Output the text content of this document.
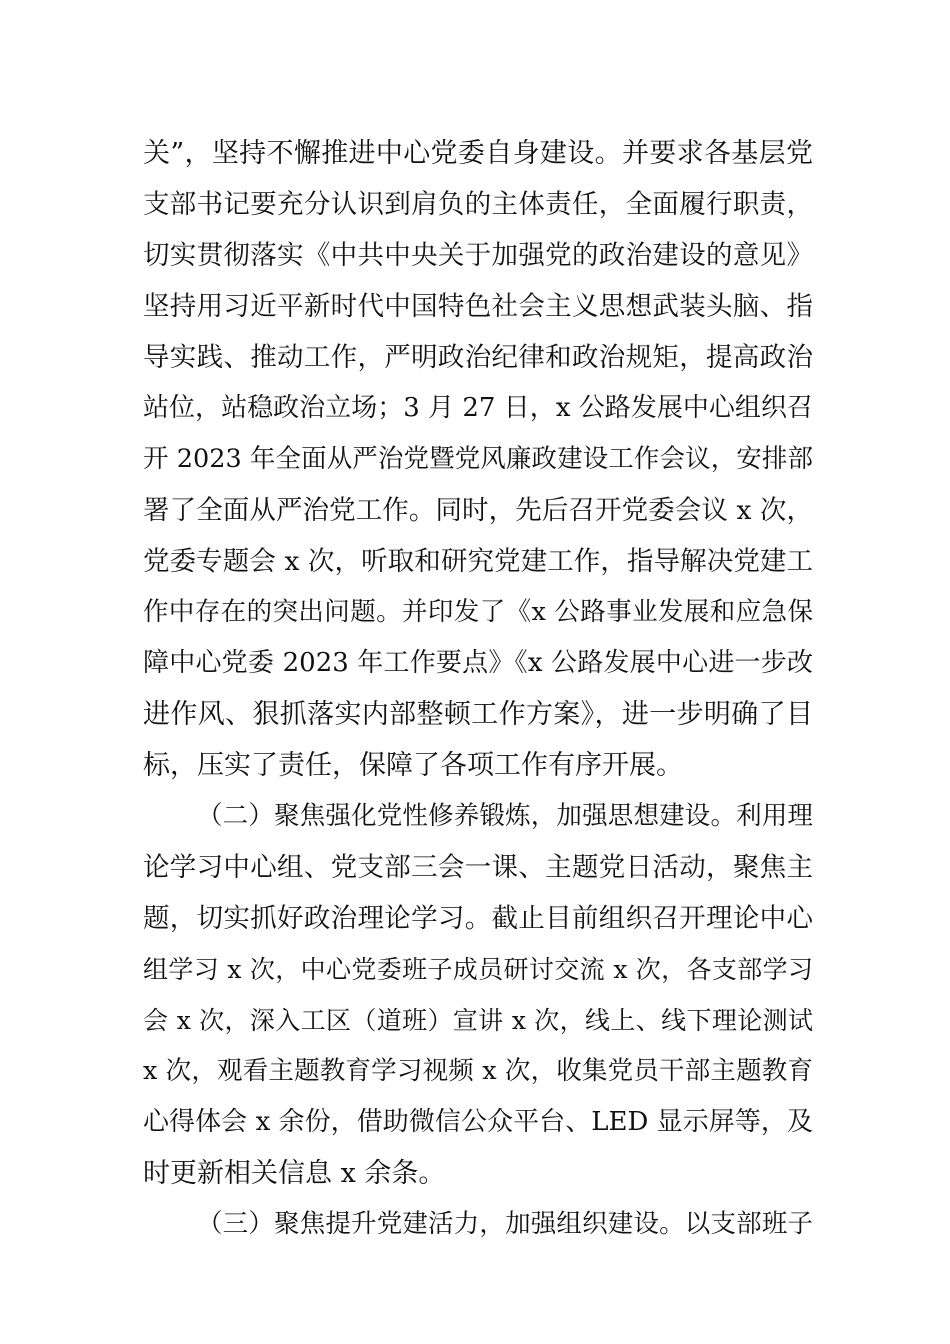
关”，坚持不懈推进中心党委自身建设。并要求各基层党
支部书记要充分认识到肩负的主体责任，全面履行职责，
切实贯彻落实《中共中央关于加强党的政治建设的意见》
坚持用习近平新时代中国特色社会主义思想武装头脑、指
导实践、推动工作，严明政治纪律和政治规矩，提高政治
站位，站稳政治立场；3 月 27 日，x 公路发展中心组织召
开 2023 年全面从严治党暨党风廉政建设工作会议，安排部
署了全面从严治党工作。同时，先后召开党委会议 x 次，
党委专题会 x 次，听取和研究党建工作，指导解决党建工
作中存在的突出问题。并印发了《x 公路事业发展和应急保
障中心党委 2023 年工作要点》《x 公路发展中心进一步改
进作风、狠抓落实内部整顿工作方案》，进一步明确了目
标，压实了责任，保障了各项工作有序开展。
（二）聚焦强化党性修养锻炼，加强思想建设。利用理
论学习中心组、党支部三会一课、主题党日活动，聚焦主
题，切实抓好政治理论学习。截止目前组织召开理论中心
组学习 x 次，中心党委班子成员研讨交流 x 次，各支部学习
会 x 次，深入工区（道班）宣讲 x 次，线上、线下理论测试
x 次，观看主题教育学习视频 x 次，收集党员干部主题教育
心得体会 x 余份，借助微信公众平台、LED 显示屏等，及
时更新相关信息 x 余条。
（三）聚焦提升党建活力，加强组织建设。以支部班子
